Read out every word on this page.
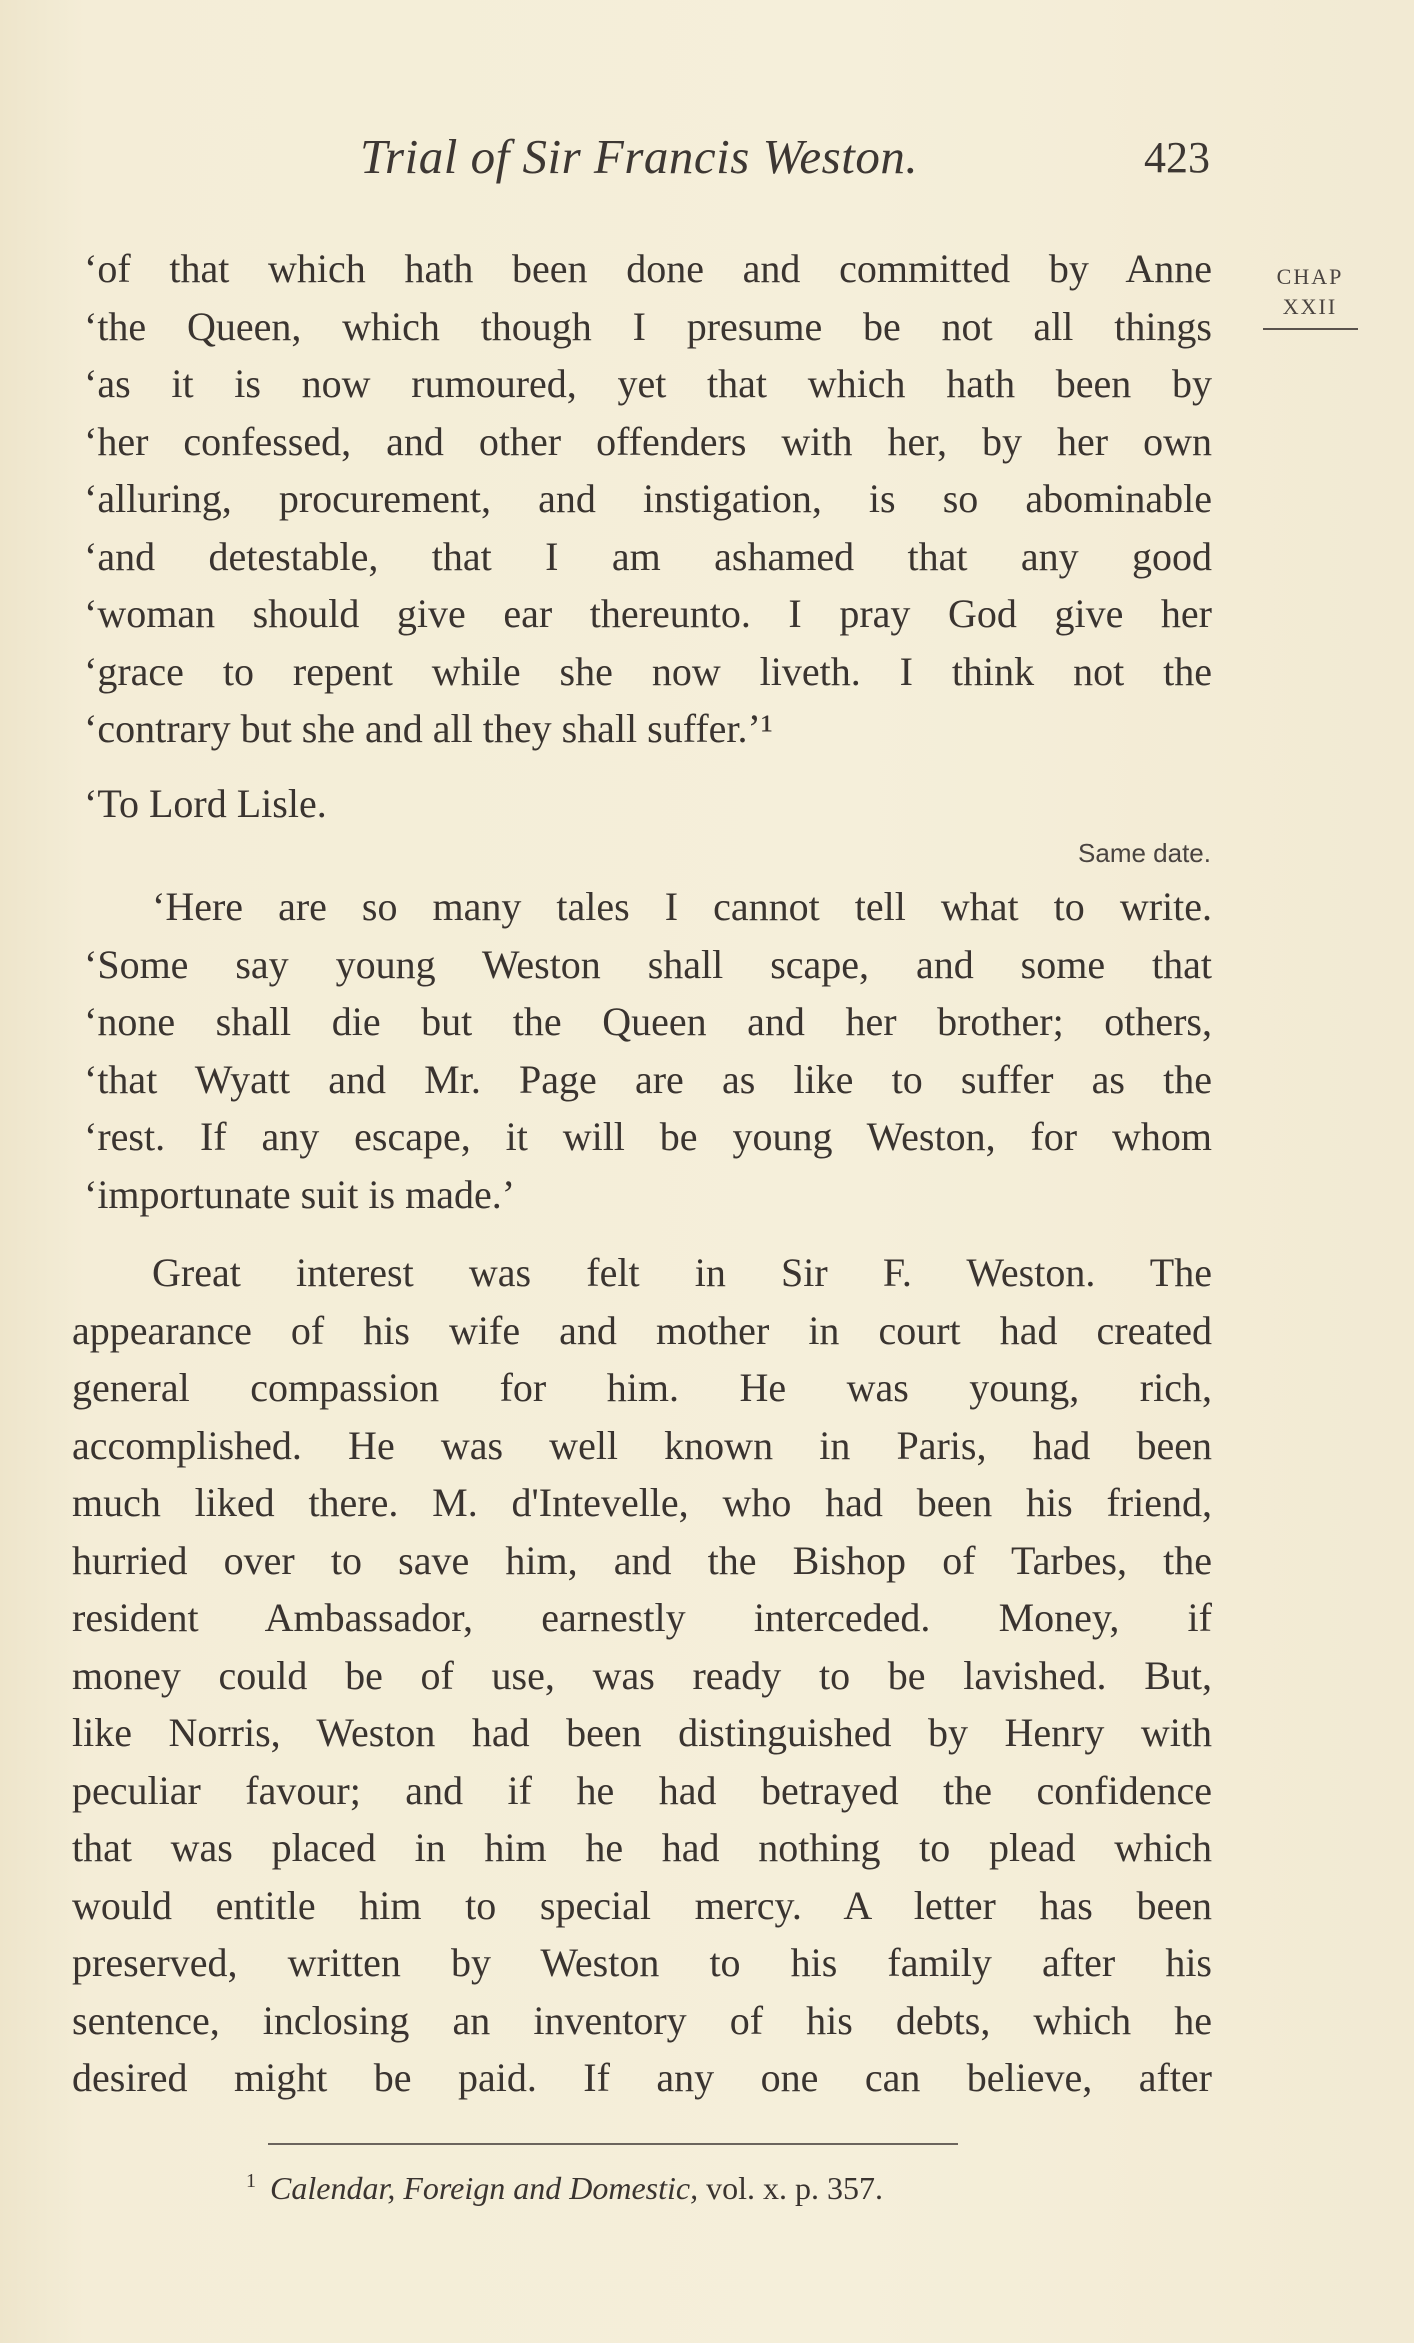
Trial of Sir Francis Weston.	423
CHAP
XXII
‘of that which hath been done and committed by Anne
‘the Queen, which though I presume be not all things
‘as it is now rumoured, yet that which hath been by
‘her confessed, and other offenders with her, by her own
‘alluring, procurement, and instigation, is so abominable
‘and detestable, that I am ashamed that any good
‘woman should give ear thereunto. I pray God give her
‘grace to repent while she now liveth. I think not the
‘contrary but she and all they shall suffer.’¹
‘To Lord Lisle.
Same date.
‘Here are so many tales I cannot tell what to write.
‘Some say young Weston shall scape, and some that
‘none shall die but the Queen and her brother; others,
‘that Wyatt and Mr. Page are as like to suffer as the
‘rest. If any escape, it will be young Weston, for whom
‘importunate suit is made.’
Great interest was felt in Sir F. Weston. The
appearance of his wife and mother in court had created
general compassion for him. He was young, rich,
accomplished. He was well known in Paris, had been
much liked there. M. d'Intevelle, who had been his friend,
hurried over to save him, and the Bishop of Tarbes, the
resident Ambassador, earnestly interceded. Money, if
money could be of use, was ready to be lavished. But,
like Norris, Weston had been distinguished by Henry with
peculiar favour; and if he had betrayed the confidence
that was placed in him he had nothing to plead which
would entitle him to special mercy. A letter has been
preserved, written by Weston to his family after his
sentence, inclosing an inventory of his debts, which he
desired might be paid. If any one can believe, after
$^1$ Calendar, Foreign and Domestic, vol. x. p. 357.
